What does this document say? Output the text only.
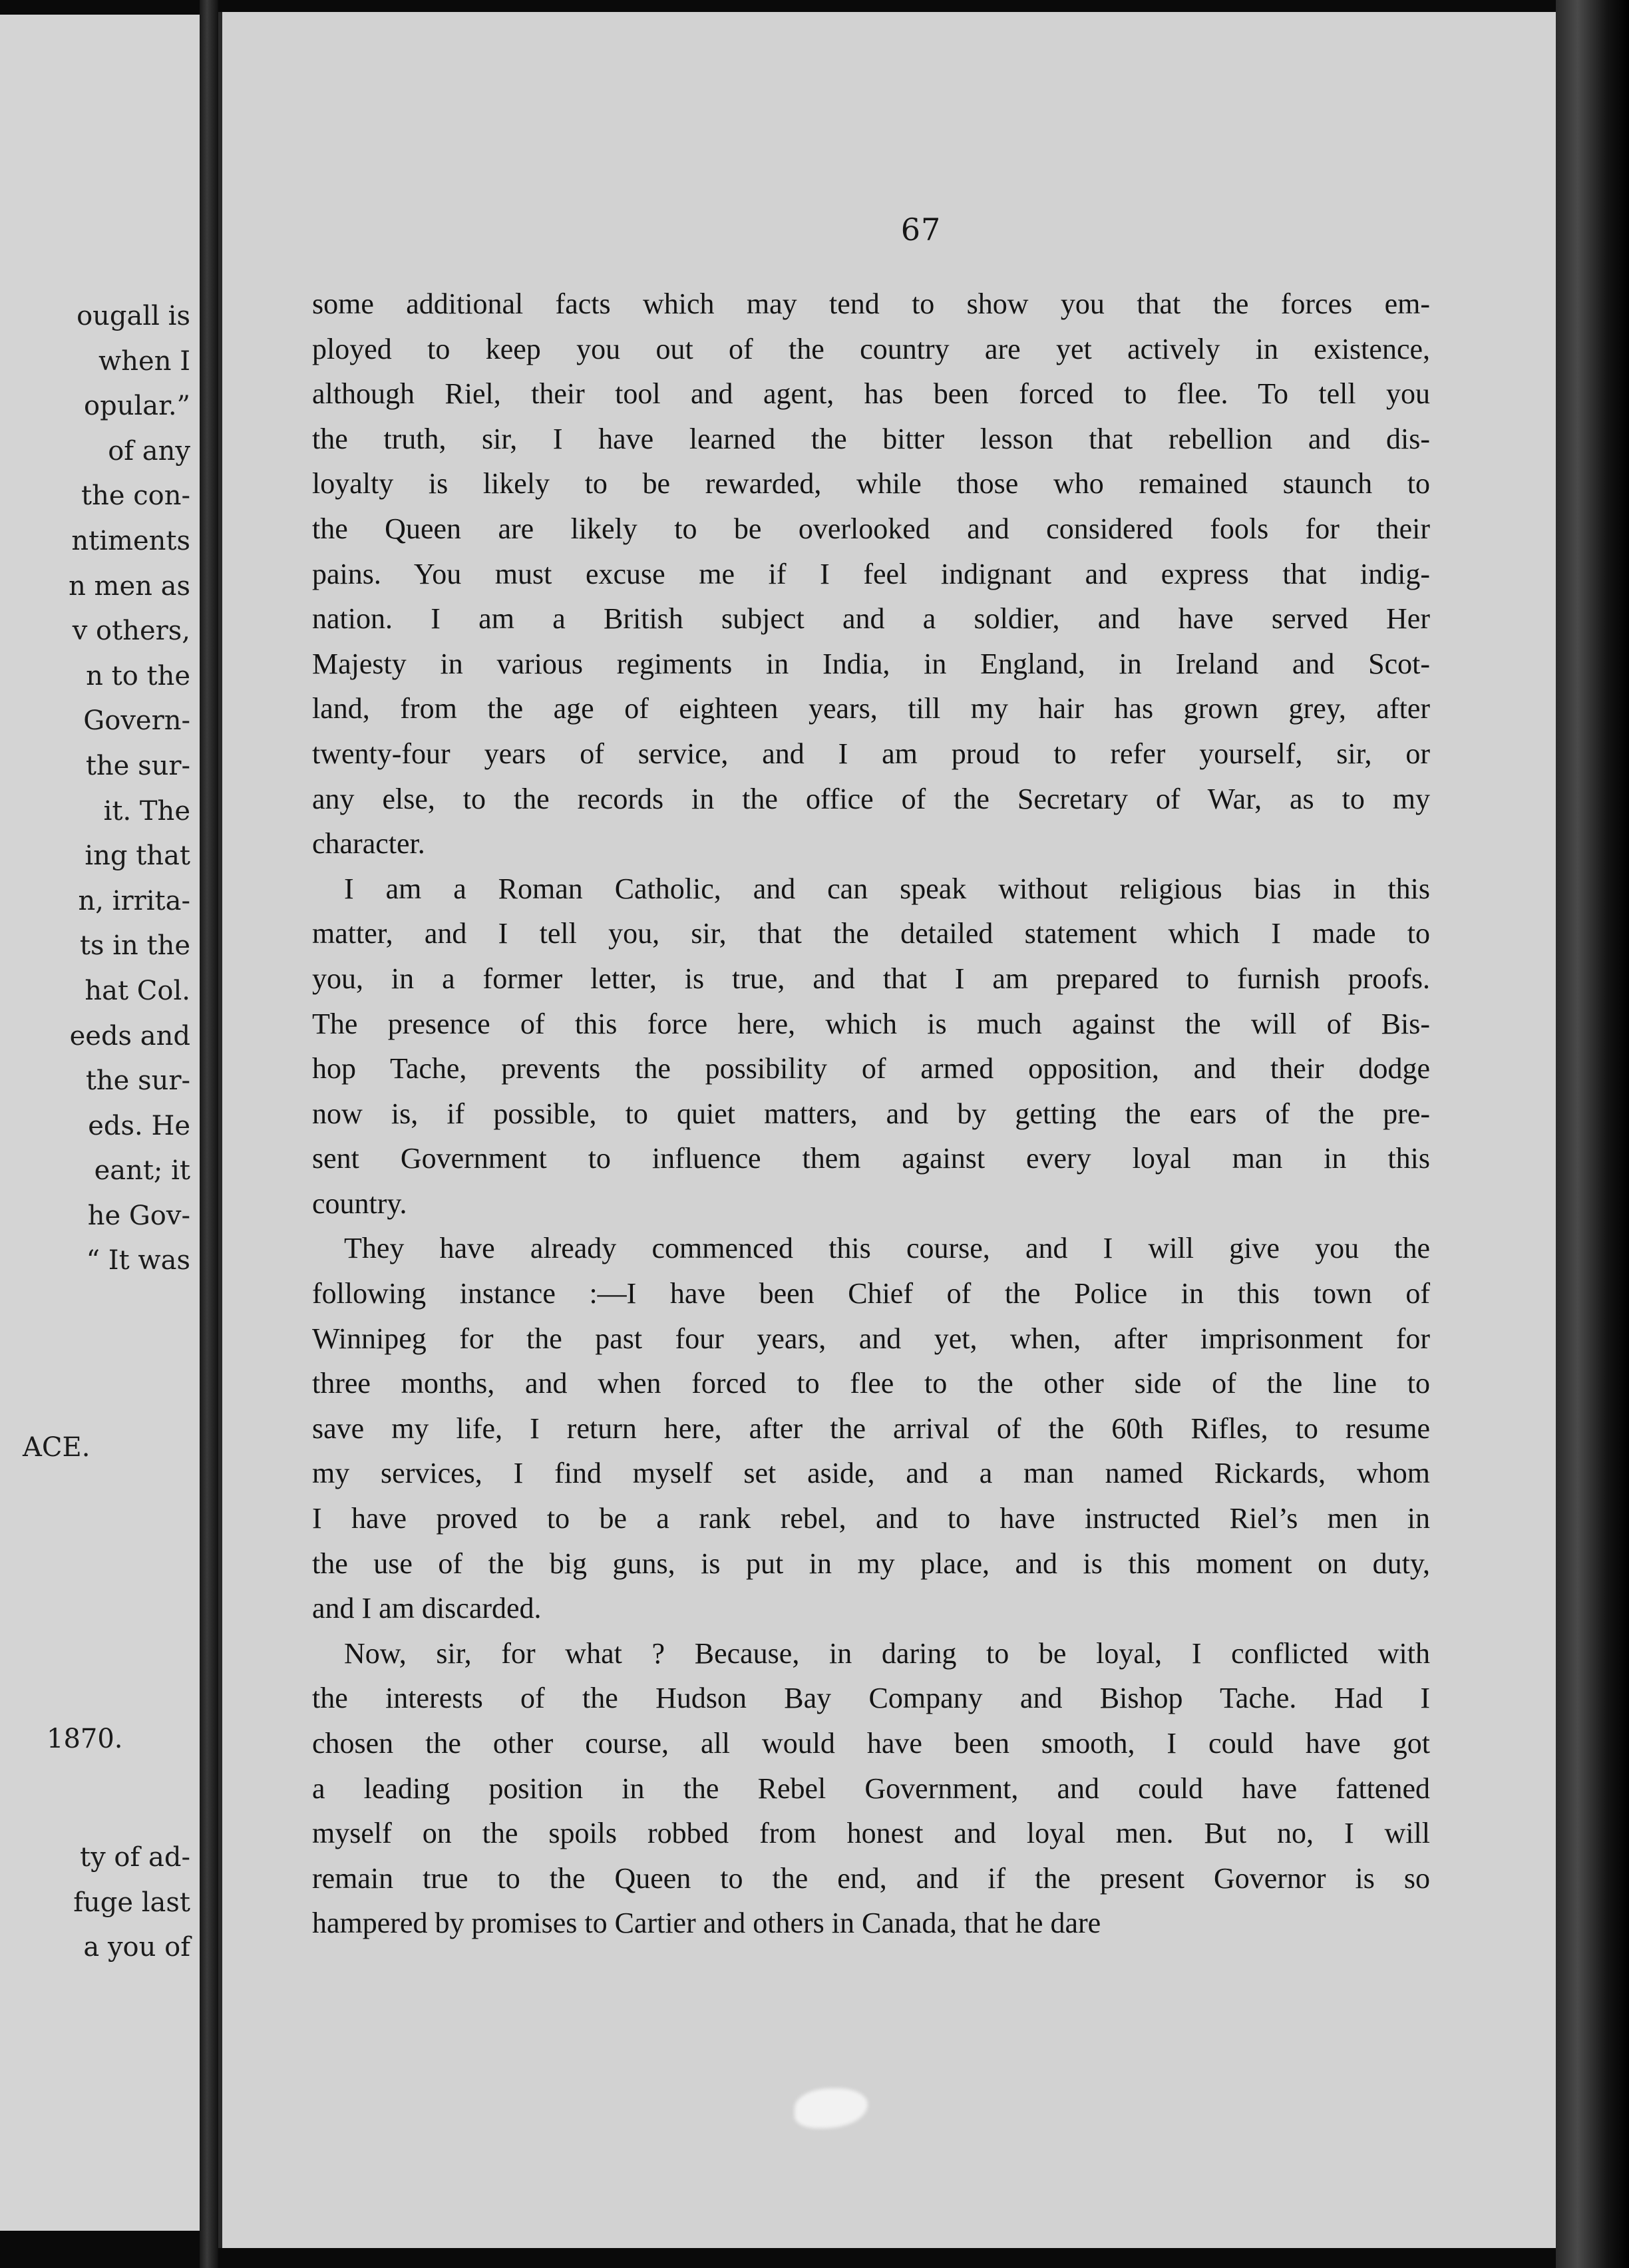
ougall is
when I
opular.”
of any
the con-
ntiments
n men as
v others,
n to the
Govern-
the sur-
it. The
ing that
n, irrita-
ts in the
hat Col.
eeds and
the sur-
eds. He
eant; it
he Gov-
“ It was
ACE.
1870.
ty of ad-
fuge last
a you of
67

some additional facts which may tend to show you that the forces em-
ployed to keep you out of the country are yet actively in existence,
although Riel, their tool and agent, has been forced to flee. To tell you
the truth, sir, I have learned the bitter lesson that rebellion and dis-
loyalty is likely to be rewarded, while those who remained staunch to
the Queen are likely to be overlooked and considered fools for their
pains. You must excuse me if I feel indignant and express that indig-
nation. I am a British subject and a soldier, and have served Her
Majesty in various regiments in India, in England, in Ireland and Scot-
land, from the age of eighteen years, till my hair has grown grey, after
twenty-four years of service, and I am proud to refer yourself, sir, or
any else, to the records in the office of the Secretary of War, as to my
character.

I am a Roman Catholic, and can speak without religious bias in this
matter, and I tell you, sir, that the detailed statement which I made to
you, in a former letter, is true, and that I am prepared to furnish proofs.
The presence of this force here, which is much against the will of Bis-
hop Tache, prevents the possibility of armed opposition, and their dodge
now is, if possible, to quiet matters, and by getting the ears of the pre-
sent Government to influence them against every loyal man in this
country.

They have already commenced this course, and I will give you the
following instance :—I have been Chief of the Police in this town of
Winnipeg for the past four years, and yet, when, after imprisonment for
three months, and when forced to flee to the other side of the line to
save my life, I return here, after the arrival of the 60th Rifles, to resume
my services, I find myself set aside, and a man named Rickards, whom
I have proved to be a rank rebel, and to have instructed Riel’s men in
the use of the big guns, is put in my place, and is this moment on duty,
and I am discarded.

Now, sir, for what ? Because, in daring to be loyal, I conflicted with
the interests of the Hudson Bay Company and Bishop Tache. Had I
chosen the other course, all would have been smooth, I could have got
a leading position in the Rebel Government, and could have fattened
myself on the spoils robbed from honest and loyal men. But no, I will
remain true to the Queen to the end, and if the present Governor is so
hampered by promises to Cartier and others in Canada, that he dare
